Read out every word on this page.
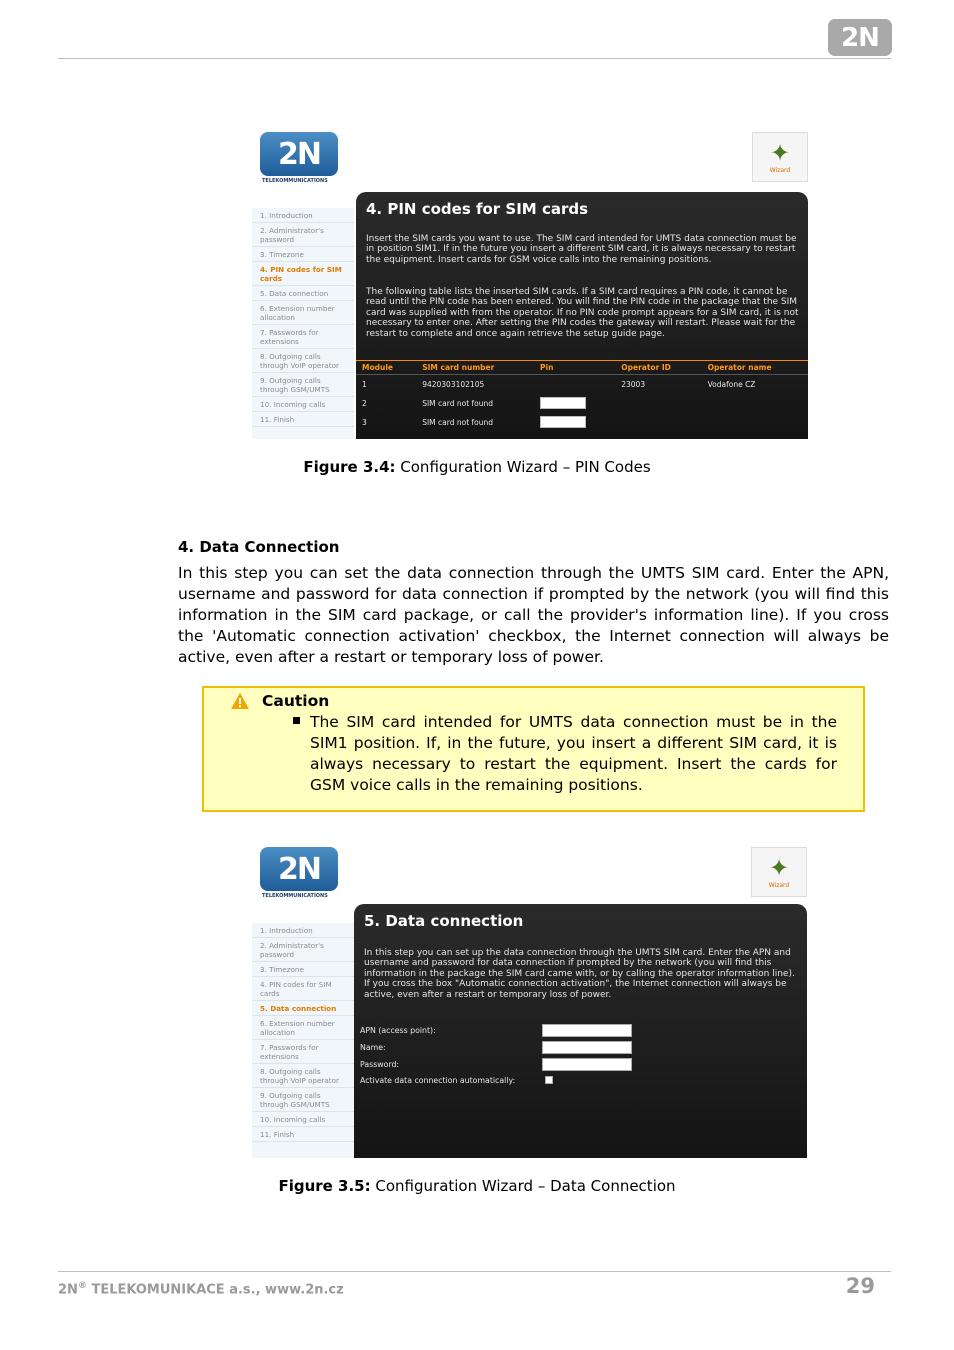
2N
2N
TELEKOMMUNICATIONS
✦
Wizard
1. Introduction
2. Administrator's password
3. Timezone
4. PIN codes for SIM cards
5. Data connection
6. Extension number allocation
7. Passwords for extensions
8. Outgoing calls through VoIP operator
9. Outgoing calls through GSM/UMTS
10. Incoming calls
11. Finish
4. PIN codes for SIM cards
Insert the SIM cards you want to use. The SIM card intended for UMTS data connection must be in position SIM1. If in the future you insert a different SIM card, it is always necessary to restart the equipment. Insert cards for GSM voice calls into the remaining positions.
The following table lists the inserted SIM cards. If a SIM card requires a PIN code, it cannot be read until the PIN code has been entered. You will find the PIN code in the package that the SIM card was supplied with from the operator. If no PIN code prompt appears for a SIM card, it is not necessary to enter one. After setting the PIN codes the gateway will restart. Please wait for the restart to complete and once again retrieve the setup guide page.
Module	SIM card number	Pin	Operator ID	Operator name
1	9420303102105		23003	Vodafone CZ
2	SIM card not found			
3	SIM card not found			
Figure 3.4: Configuration Wizard – PIN Codes
4. Data Connection
In this step you can set the data connection through the UMTS SIM card. Enter the APN, username and password for data connection if prompted by the network (you will find this information in the SIM card package, or call the provider's information line). If you cross the 'Automatic connection activation' checkbox, the Internet connection will always be active, even after a restart or temporary loss of power.
Caution
The SIM card intended for UMTS data connection must be in the SIM1 position. If, in the future, you insert a different SIM card, it is always necessary to restart the equipment. Insert the cards for GSM voice calls in the remaining positions.
2N
TELEKOMMUNICATIONS
✦
Wizard
1. Introduction
2. Administrator's password
3. Timezone
4. PIN codes for SIM cards
5. Data connection
6. Extension number allocation
7. Passwords for extensions
8. Outgoing calls through VoIP operator
9. Outgoing calls through GSM/UMTS
10. Incoming calls
11. Finish
5. Data connection
In this step you can set up the data connection through the UMTS SIM card. Enter the APN and username and password for data connection if prompted by the network (you will find this information in the package the SIM card came with, or by calling the operator information line). If you cross the box "Automatic connection activation", the Internet connection will always be active, even after a restart or temporary loss of power.
APN (access point):
Name:
Password:
Activate data connection automatically:
Figure 3.5: Configuration Wizard – Data Connection
2N® TELEKOMUNIKACE a.s., www.2n.cz	29
